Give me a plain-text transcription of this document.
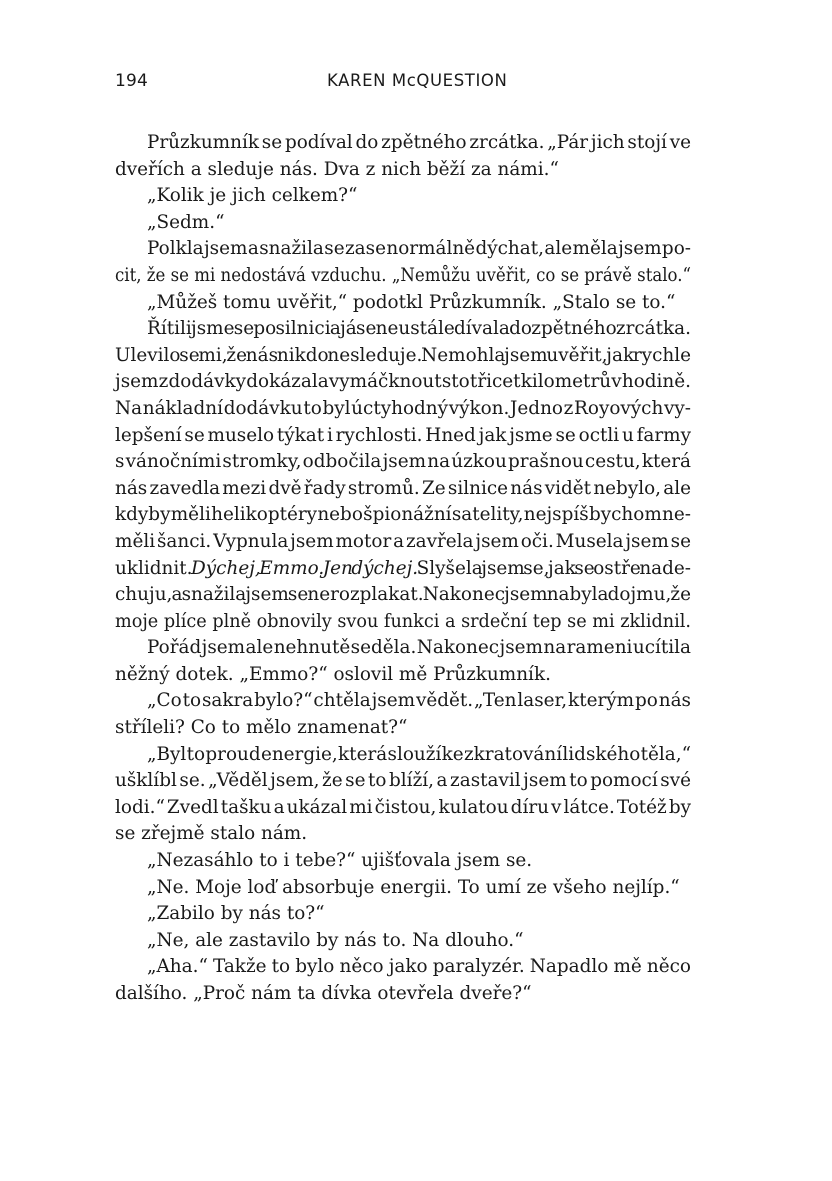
194	KAREN McQUESTION
Průzkumník se podíval do zpětného zrcátka. „Pár jich stojí ve
dveřích a sleduje nás. Dva z nich běží za námi.“
„Kolik je jich celkem?“
„Sedm.“
Polkla jsem a snažila se zase normálně dýchat, ale měla jsem po-
cit, že se mi nedostává vzduchu. „Nemůžu uvěřit, co se právě stalo.“
„Můžeš tomu uvěřit,“ podotkl Průzkumník. „Stalo se to.“
Řítili jsme se po silnici a já se neustále dívala do zpětného zrcátka.
Ulevilo se mi, že nás nikdo nesleduje. Nemohla jsem uvěřit, jak rychle
jsem z dodávky dokázala vymáčknout sto třicet kilometrů v hodině.
Na nákladní dodávku to byl úctyhodný výkon. Jedno z Royových vy-
lepšení se muselo týkat i rychlosti. Hned jak jsme se octli u farmy
s vánočními stromky, odbočila jsem na úzkou prašnou cestu, která
nás zavedla mezi dvě řady stromů. Ze silnice nás vidět nebylo, ale
kdyby měli helikoptéry nebo špionážní satelity, nejspíš bychom ne-
měli šanci. Vypnula jsem motor a zavřela jsem oči. Musela jsem se
uklidnit. Dýchej, Emmo. Jen dýchej. Slyšela jsem se, jak se ostře nade-
chuju, a snažila jsem se nerozplakat. Nakonec jsem nabyla dojmu, že
moje plíce plně obnovily svou funkci a srdeční tep se mi zklidnil.
Pořád jsem ale nehnutě seděla. Nakonec jsem na rameni ucítila
něžný dotek. „Emmo?“ oslovil mě Průzkumník.
„Co to sakra bylo?“ chtěla jsem vědět. „Ten laser, kterým po nás
stříleli? Co to mělo znamenat?“
„Byl to proud energie, která slouží ke zkratování lidského těla,“
ušklíbl se. „Věděl jsem, že se to blíží, a zastavil jsem to pomocí své
lodi.“ Zvedl tašku a ukázal mi čistou, kulatou díru v látce. Totéž by
se zřejmě stalo nám.
„Nezasáhlo to i tebe?“ ujišťovala jsem se.
„Ne. Moje loď absorbuje energii. To umí ze všeho nejlíp.“
„Zabilo by nás to?“
„Ne, ale zastavilo by nás to. Na dlouho.“
„Aha.“ Takže to bylo něco jako paralyzér. Napadlo mě něco
dalšího. „Proč nám ta dívka otevřela dveře?“
